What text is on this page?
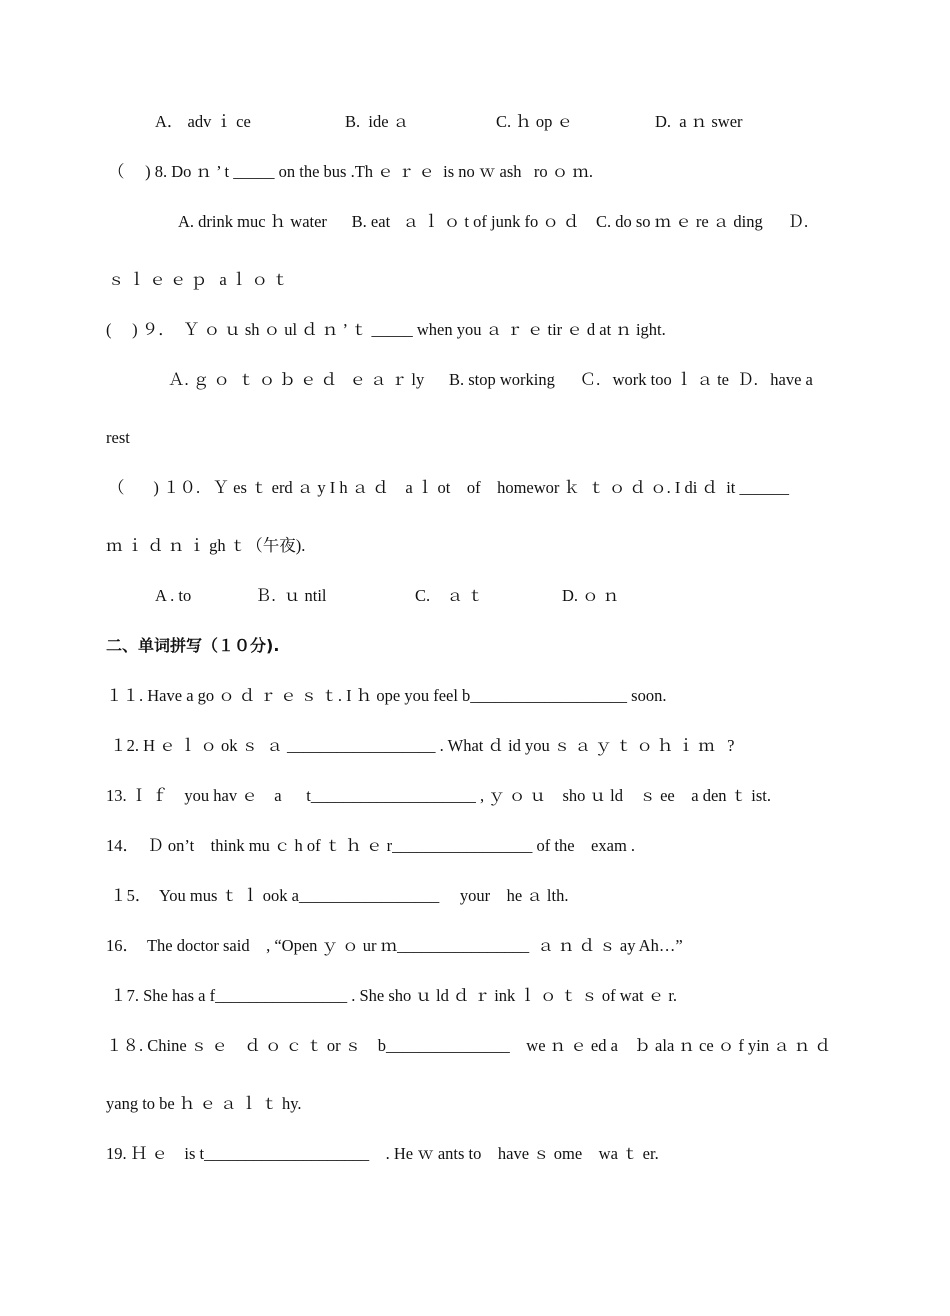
A． adv ｉ ce	B.  ide ａ	C. ｈ op ｅ	D.  a ｎ swer
（     ) 8. Do ｎ ’ t _____ on the bus .Th ｅ ｒ ｅ  is no ｗ ash   ro ｏ ｍ.
A. drink muc ｈ water      B. eat   ａ ｌ ｏ t of junk fo ｏ ｄ    C. do so ｍ ｅ re ａ ding      Ｄ.
ｓ ｌ ｅ ｅ ｐ   a ｌ ｏ ｔ
(     ) ９．  Ｙ ｏ ｕ sh ｏ ul ｄ ｎ ’ ｔ _____ when you ａ ｒ ｅ tir ｅ d at ｎ ight.
Ａ. ｇ ｏ  ｔ ｏ ｂ ｅ ｄ   ｅ ａ ｒ ly      B. stop working      Ｃ.   work too ｌ ａ te  Ｄ.   have a
rest
（       ) １０.   Ｙ es ｔ erd ａ y I h ａ ｄ    a ｌ ot    of    homewor ｋ  ｔ ｏ ｄ ｏ. I di ｄ  it ______
ｍ ｉ ｄ ｎ ｉ gh ｔ（午夜).
A . to	Ｂ.  ｕ ntil	C.    ａ ｔ	D. ｏ ｎ
二、单词拼写（１０分).
１１. Have a go ｏ ｄ ｒ ｅ ｓ ｔ. I ｈ ope you feel b___________________ soon.
１2. H ｅ ｌ ｏ ok ｓ  ａ __________________ . What ｄ id you ｓ ａ ｙ ｔ ｏ ｈ ｉ ｍ   ?
13. Ｉ ｆ    you hav ｅ    a      t____________________ , ｙ ｏ ｕ    sho ｕ ld    ｓ ee    a den ｔ ist.
14．  Ｄ on’t    think mu ｃ h of ｔ ｈ ｅ r_________________ of the    exam .
１5．  You mus ｔ ｌ ook a_________________     your    he ａ lth.
16．  The doctor said    , “Open ｙ ｏ ur ｍ________________  ａ ｎ ｄ ｓ ay Ah…”
１7. She has a f________________ . She sho ｕ ld ｄ ｒ ink ｌ ｏ ｔ ｓ of wat ｅ r.
１８. Chine ｓ ｅ    ｄ ｏ ｃ ｔ or ｓ    b_______________    we ｎ ｅ ed a    ｂ ala ｎ ce ｏ f yin ａ ｎ ｄ
yang to be ｈ ｅ ａ ｌ ｔ hy.
19. Ｈ ｅ    is t____________________    . He ｗ ants to    have ｓ ome    wa ｔ er.
